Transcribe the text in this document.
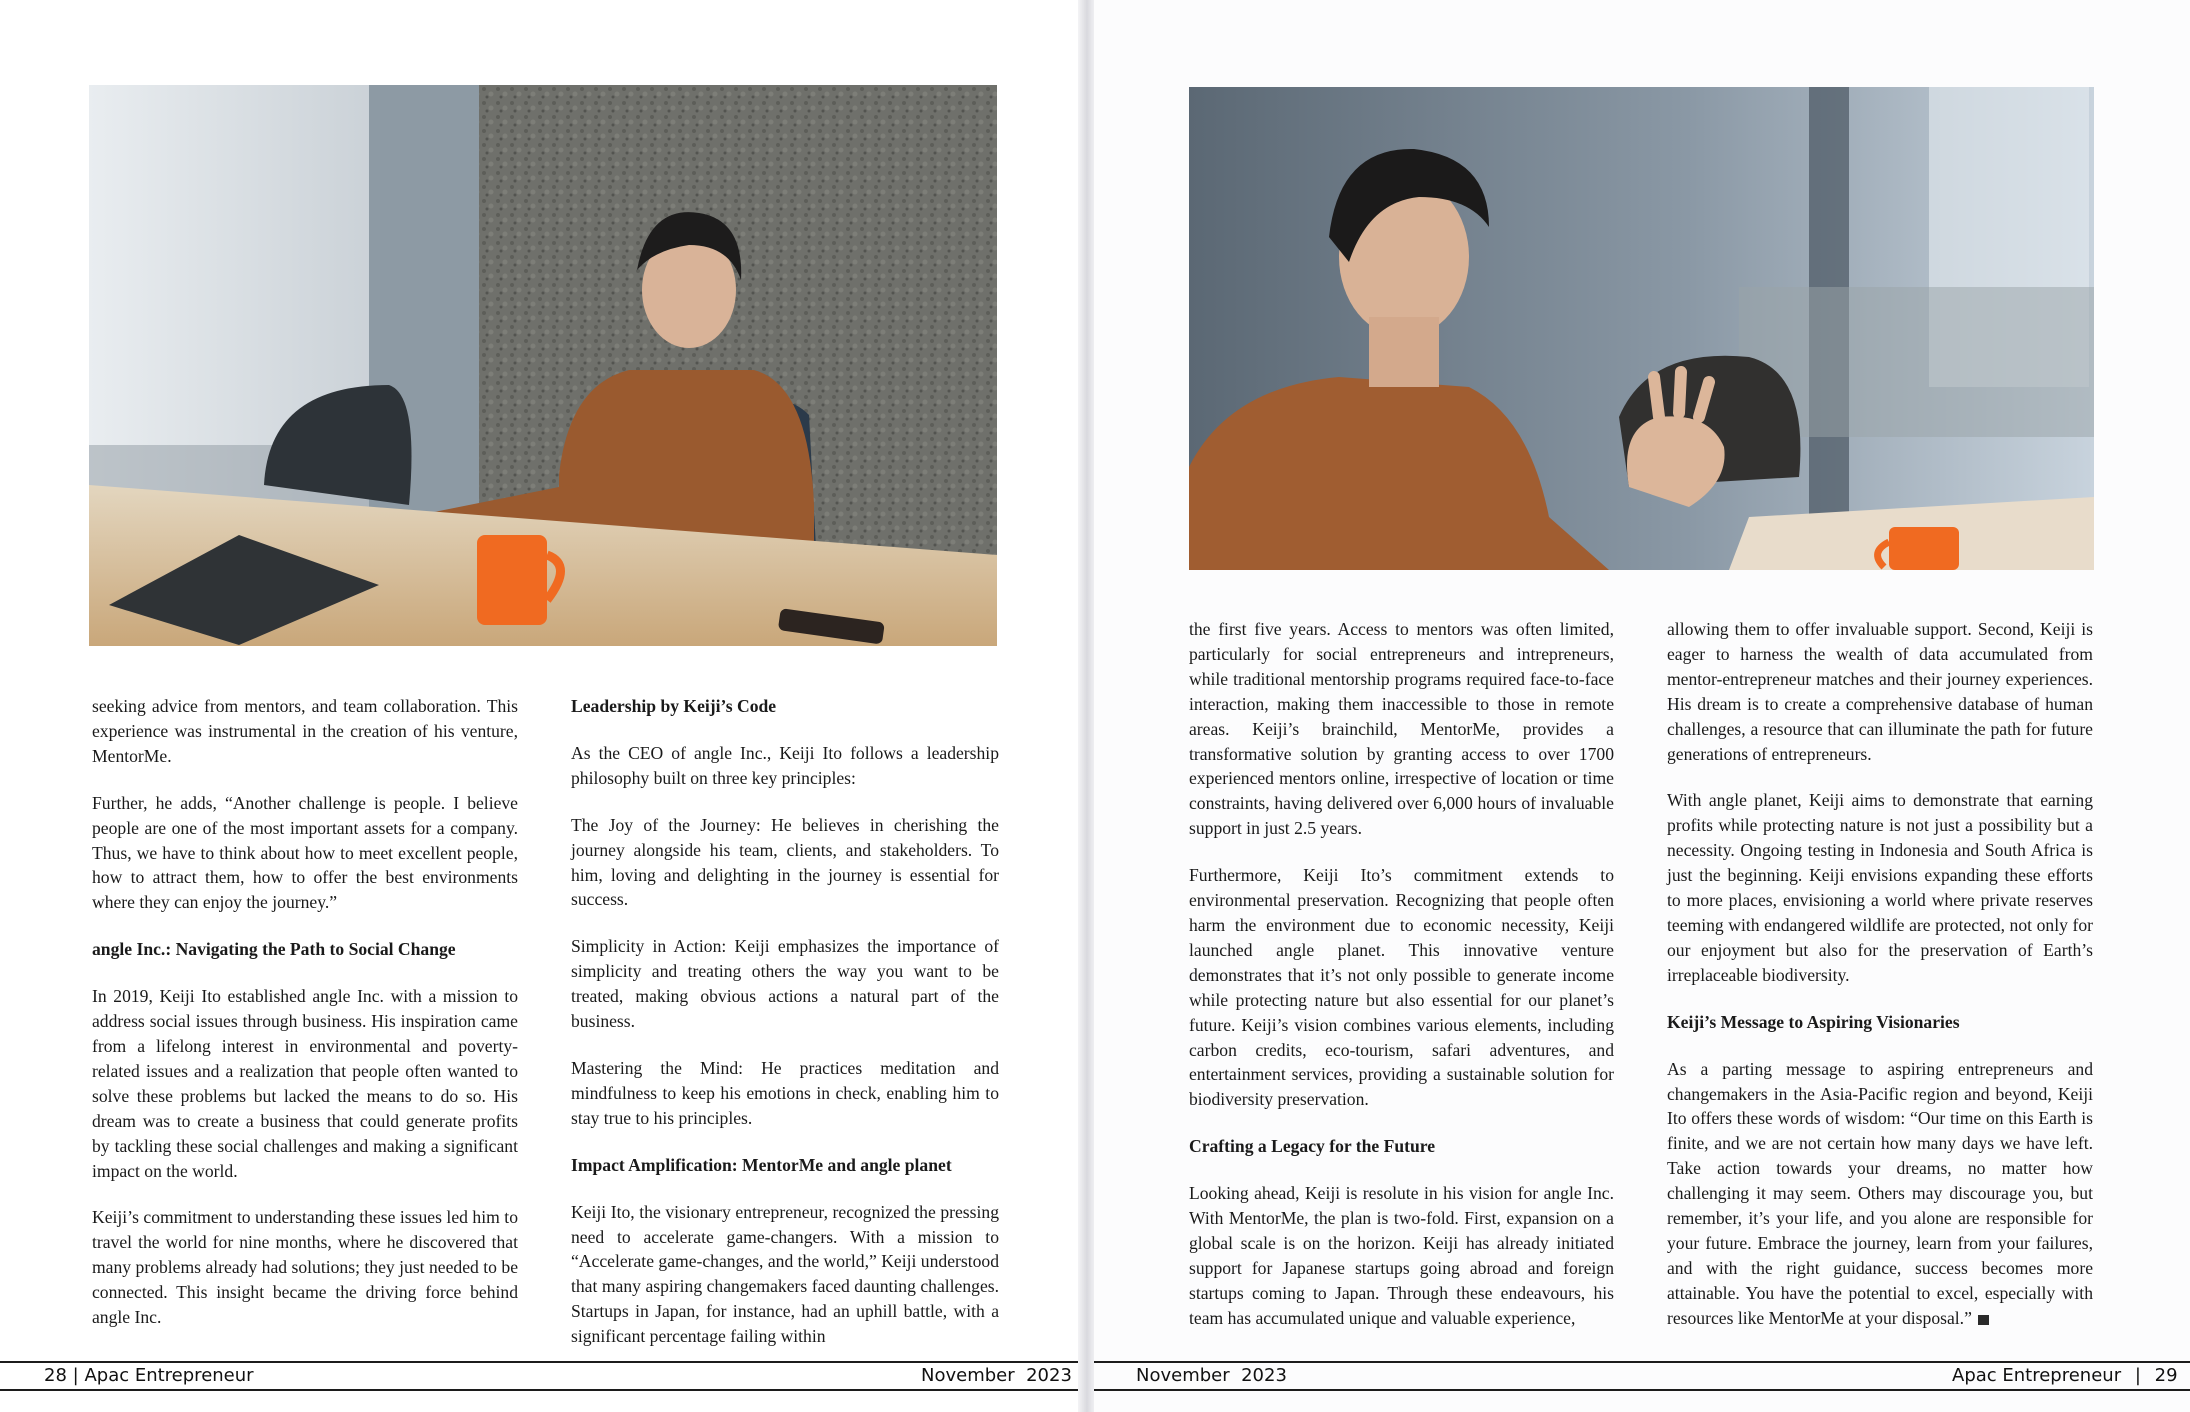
seeking advice from mentors, and team collaboration. This experience was instrumental in the creation of his venture, MentorMe.

Further, he adds, “Another challenge is people. I believe people are one of the most important assets for a company. Thus, we have to think about how to meet excellent people, how to attract them, how to offer the best environments where they can enjoy the journey.”

angle Inc.: Navigating the Path to Social Change

In 2019, Keiji Ito established angle Inc. with a mission to address social issues through business. His inspiration came from a lifelong interest in environmental and poverty-related issues and a realization that people often wanted to solve these problems but lacked the means to do so. His dream was to create a business that could generate profits by tackling these social challenges and making a significant impact on the world.

Keiji’s commitment to understanding these issues led him to travel the world for nine months, where he discovered that many problems already had solutions; they just needed to be connected. This insight became the driving force behind angle Inc.

Leadership by Keiji’s Code

As the CEO of angle Inc., Keiji Ito follows a leadership philosophy built on three key principles:

The Joy of the Journey: He believes in cherishing the journey alongside his team, clients, and stakeholders. To him, loving and delighting in the journey is essential for success.

Simplicity in Action: Keiji emphasizes the importance of simplicity and treating others the way you want to be treated, making obvious actions a natural part of the business.

Mastering the Mind: He practices meditation and mindfulness to keep his emotions in check, enabling him to stay true to his principles.

Impact Amplification: MentorMe and angle planet

Keiji Ito, the visionary entrepreneur, recognized the pressing need to accelerate game-changers. With a mission to “Accelerate game-changes, and the world,” Keiji understood that many aspiring changemakers faced daunting challenges. Startups in Japan, for instance, had an uphill battle, with a significant percentage failing within

28 | Apac Entrepreneur	November  2023

the first five years. Access to mentors was often limited, particularly for social entrepreneurs and intrepreneurs, while traditional mentorship programs required face-to-face interaction, making them inaccessible to those in remote areas. Keiji’s brainchild, MentorMe, provides a transformative solution by granting access to over 1700 experienced mentors online, irrespective of location or time constraints, having delivered over 6,000 hours of invaluable support in just 2.5 years.

Furthermore, Keiji Ito’s commitment extends to environmental preservation. Recognizing that people often harm the environment due to economic necessity, Keiji launched angle planet. This innovative venture demonstrates that it’s not only possible to generate income while protecting nature but also essential for our planet’s future. Keiji’s vision combines various elements, including carbon credits, eco-tourism, safari adventures, and entertainment services, providing a sustainable solution for biodiversity preservation.

Crafting a Legacy for the Future

Looking ahead, Keiji is resolute in his vision for angle Inc. With MentorMe, the plan is two-fold. First, expansion on a global scale is on the horizon. Keiji has already initiated support for Japanese startups going abroad and foreign startups coming to Japan. Through these endeavours, his team has accumulated unique and valuable experience,

allowing them to offer invaluable support. Second, Keiji is eager to harness the wealth of data accumulated from mentor-entrepreneur matches and their journey experiences. His dream is to create a comprehensive database of human challenges, a resource that can illuminate the path for future generations of entrepreneurs.

With angle planet, Keiji aims to demonstrate that earning profits while protecting nature is not just a possibility but a necessity. Ongoing testing in Indonesia and South Africa is just the beginning. Keiji envisions expanding these efforts to more places, envisioning a world where private reserves teeming with endangered wildlife are protected, not only for our enjoyment but also for the preservation of Earth’s irreplaceable biodiversity.

Keiji’s Message to Aspiring Visionaries

As a parting message to aspiring entrepreneurs and changemakers in the Asia-Pacific region and beyond, Keiji Ito offers these words of wisdom: “Our time on this Earth is finite, and we are not certain how many days we have left. Take action towards your dreams, no matter how challenging it may seem. Others may discourage you, but remember, it’s your life, and you alone are responsible for your future. Embrace the journey, learn from your failures, and with the right guidance, success becomes more attainable. You have the potential to excel, especially with resources like MentorMe at your disposal.”

November  2023	Apac Entrepreneur | 29
